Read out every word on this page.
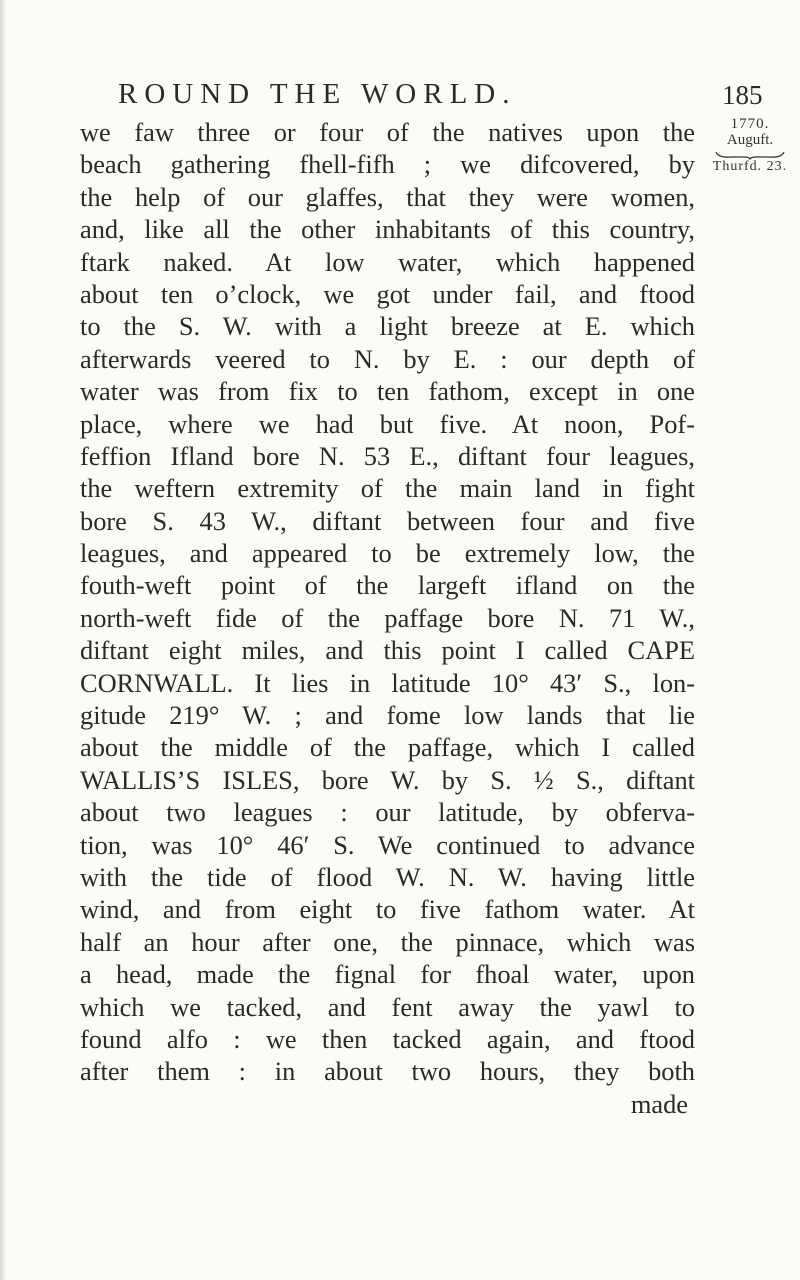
ROUND THE WORLD.	185
1770.
Auguft.
Thurfd. 23.
we faw three or four of the natives upon the
beach gathering fhell-fifh ; we difcovered, by
the help of our glaffes, that they were women,
and, like all the other inhabitants of this country,
ftark naked. At low water, which happened
about ten o’clock, we got under fail, and ftood
to the S. W. with a light breeze at E. which
afterwards veered to N. by E. : our depth of
water was from fix to ten fathom, except in one
place, where we had but five. At noon, Pof-
feffion Ifland bore N. 53 E., diftant four leagues,
the weftern extremity of the main land in fight
bore S. 43 W., diftant between four and five
leagues, and appeared to be extremely low, the
fouth-weft point of the largeft ifland on the
north-weft fide of the paffage bore N. 71 W.,
diftant eight miles, and this point I called CAPE
CORNWALL. It lies in latitude 10° 43′ S., lon-
gitude 219° W. ; and fome low lands that lie
about the middle of the paffage, which I called
WALLIS’S ISLES, bore W. by S. ½ S., diftant
about two leagues : our latitude, by obferva-
tion, was 10° 46′ S. We continued to advance
with the tide of flood W. N. W. having little
wind, and from eight to five fathom water. At
half an hour after one, the pinnace, which was
a head, made the fignal for fhoal water, upon
which we tacked, and fent away the yawl to
found alfo : we then tacked again, and ftood
after them : in about two hours, they both
made
